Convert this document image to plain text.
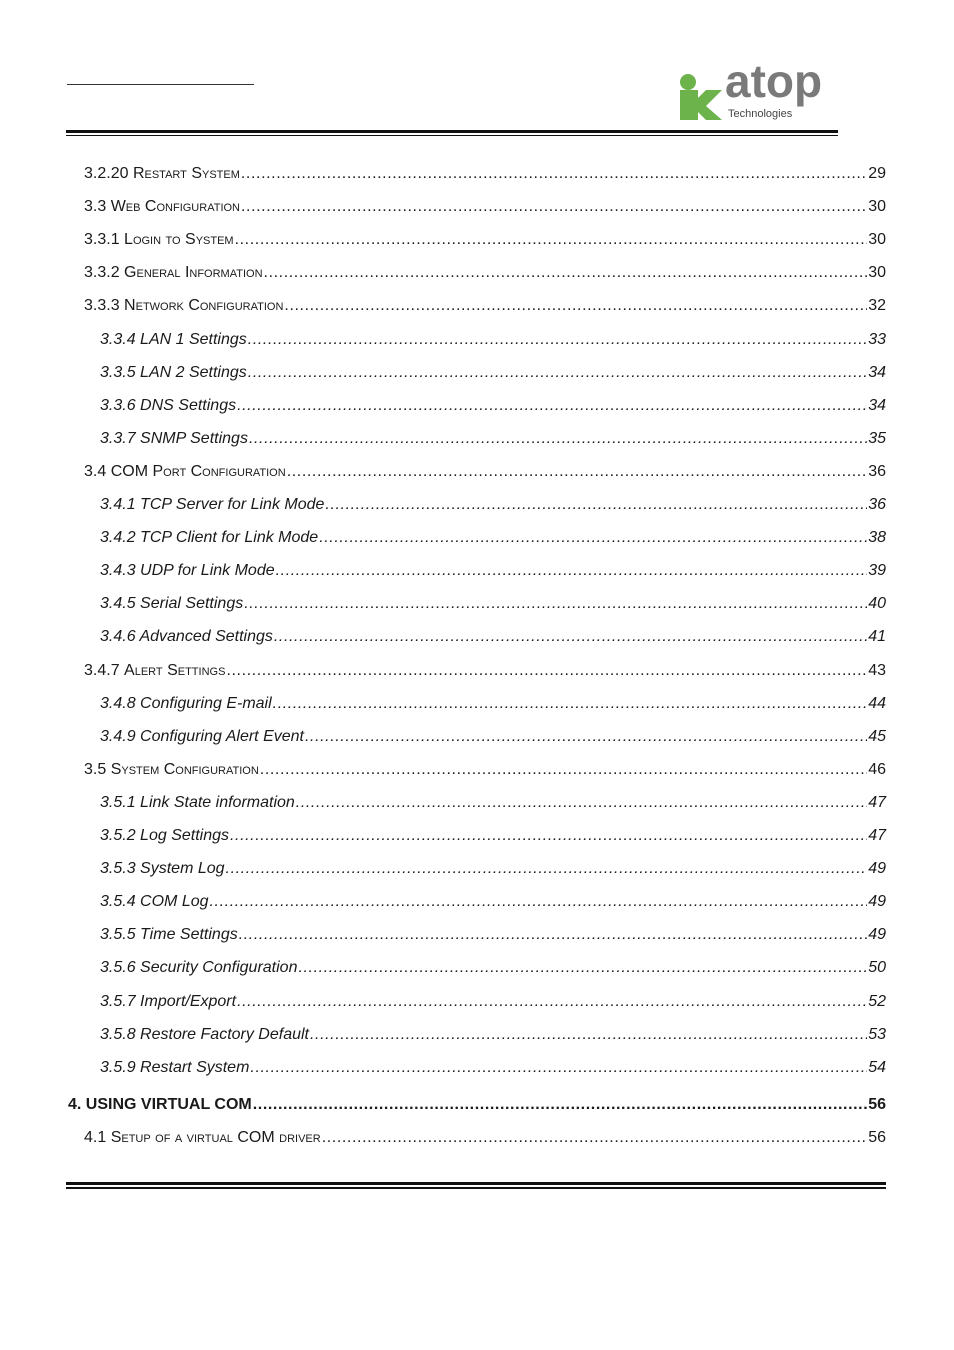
atop
Technologies
3.2.20 Restart System .....	29
3.3 Web Configuration .....	30
3.3.1 Login to System .....	30
3.3.2 General Information .....	30
3.3.3 Network Configuration .....	32
3.3.4 LAN 1 Settings .....	33
3.3.5 LAN 2 Settings .....	34
3.3.6 DNS Settings .....	34
3.3.7 SNMP Settings .....	35
3.4 COM Port Configuration .....	36
3.4.1 TCP Server for Link Mode .....	36
3.4.2 TCP Client for Link Mode .....	38
3.4.3 UDP for Link Mode .....	39
3.4.5 Serial Settings .....	40
3.4.6 Advanced Settings .....	41
3.4.7 Alert Settings .....	43
3.4.8 Configuring E-mail .....	44
3.4.9 Configuring Alert Event .....	45
3.5 System Configuration .....	46
3.5.1 Link State information .....	47
3.5.2 Log Settings .....	47
3.5.3 System Log .....	49
3.5.4 COM Log .....	49
3.5.5 Time Settings .....	49
3.5.6 Security Configuration .....	50
3.5.7 Import/Export .....	52
3.5.8 Restore Factory Default .....	53
3.5.9 Restart System .....	54
4. USING VIRTUAL COM .....	56
4.1 Setup of a virtual COM driver .....	56
